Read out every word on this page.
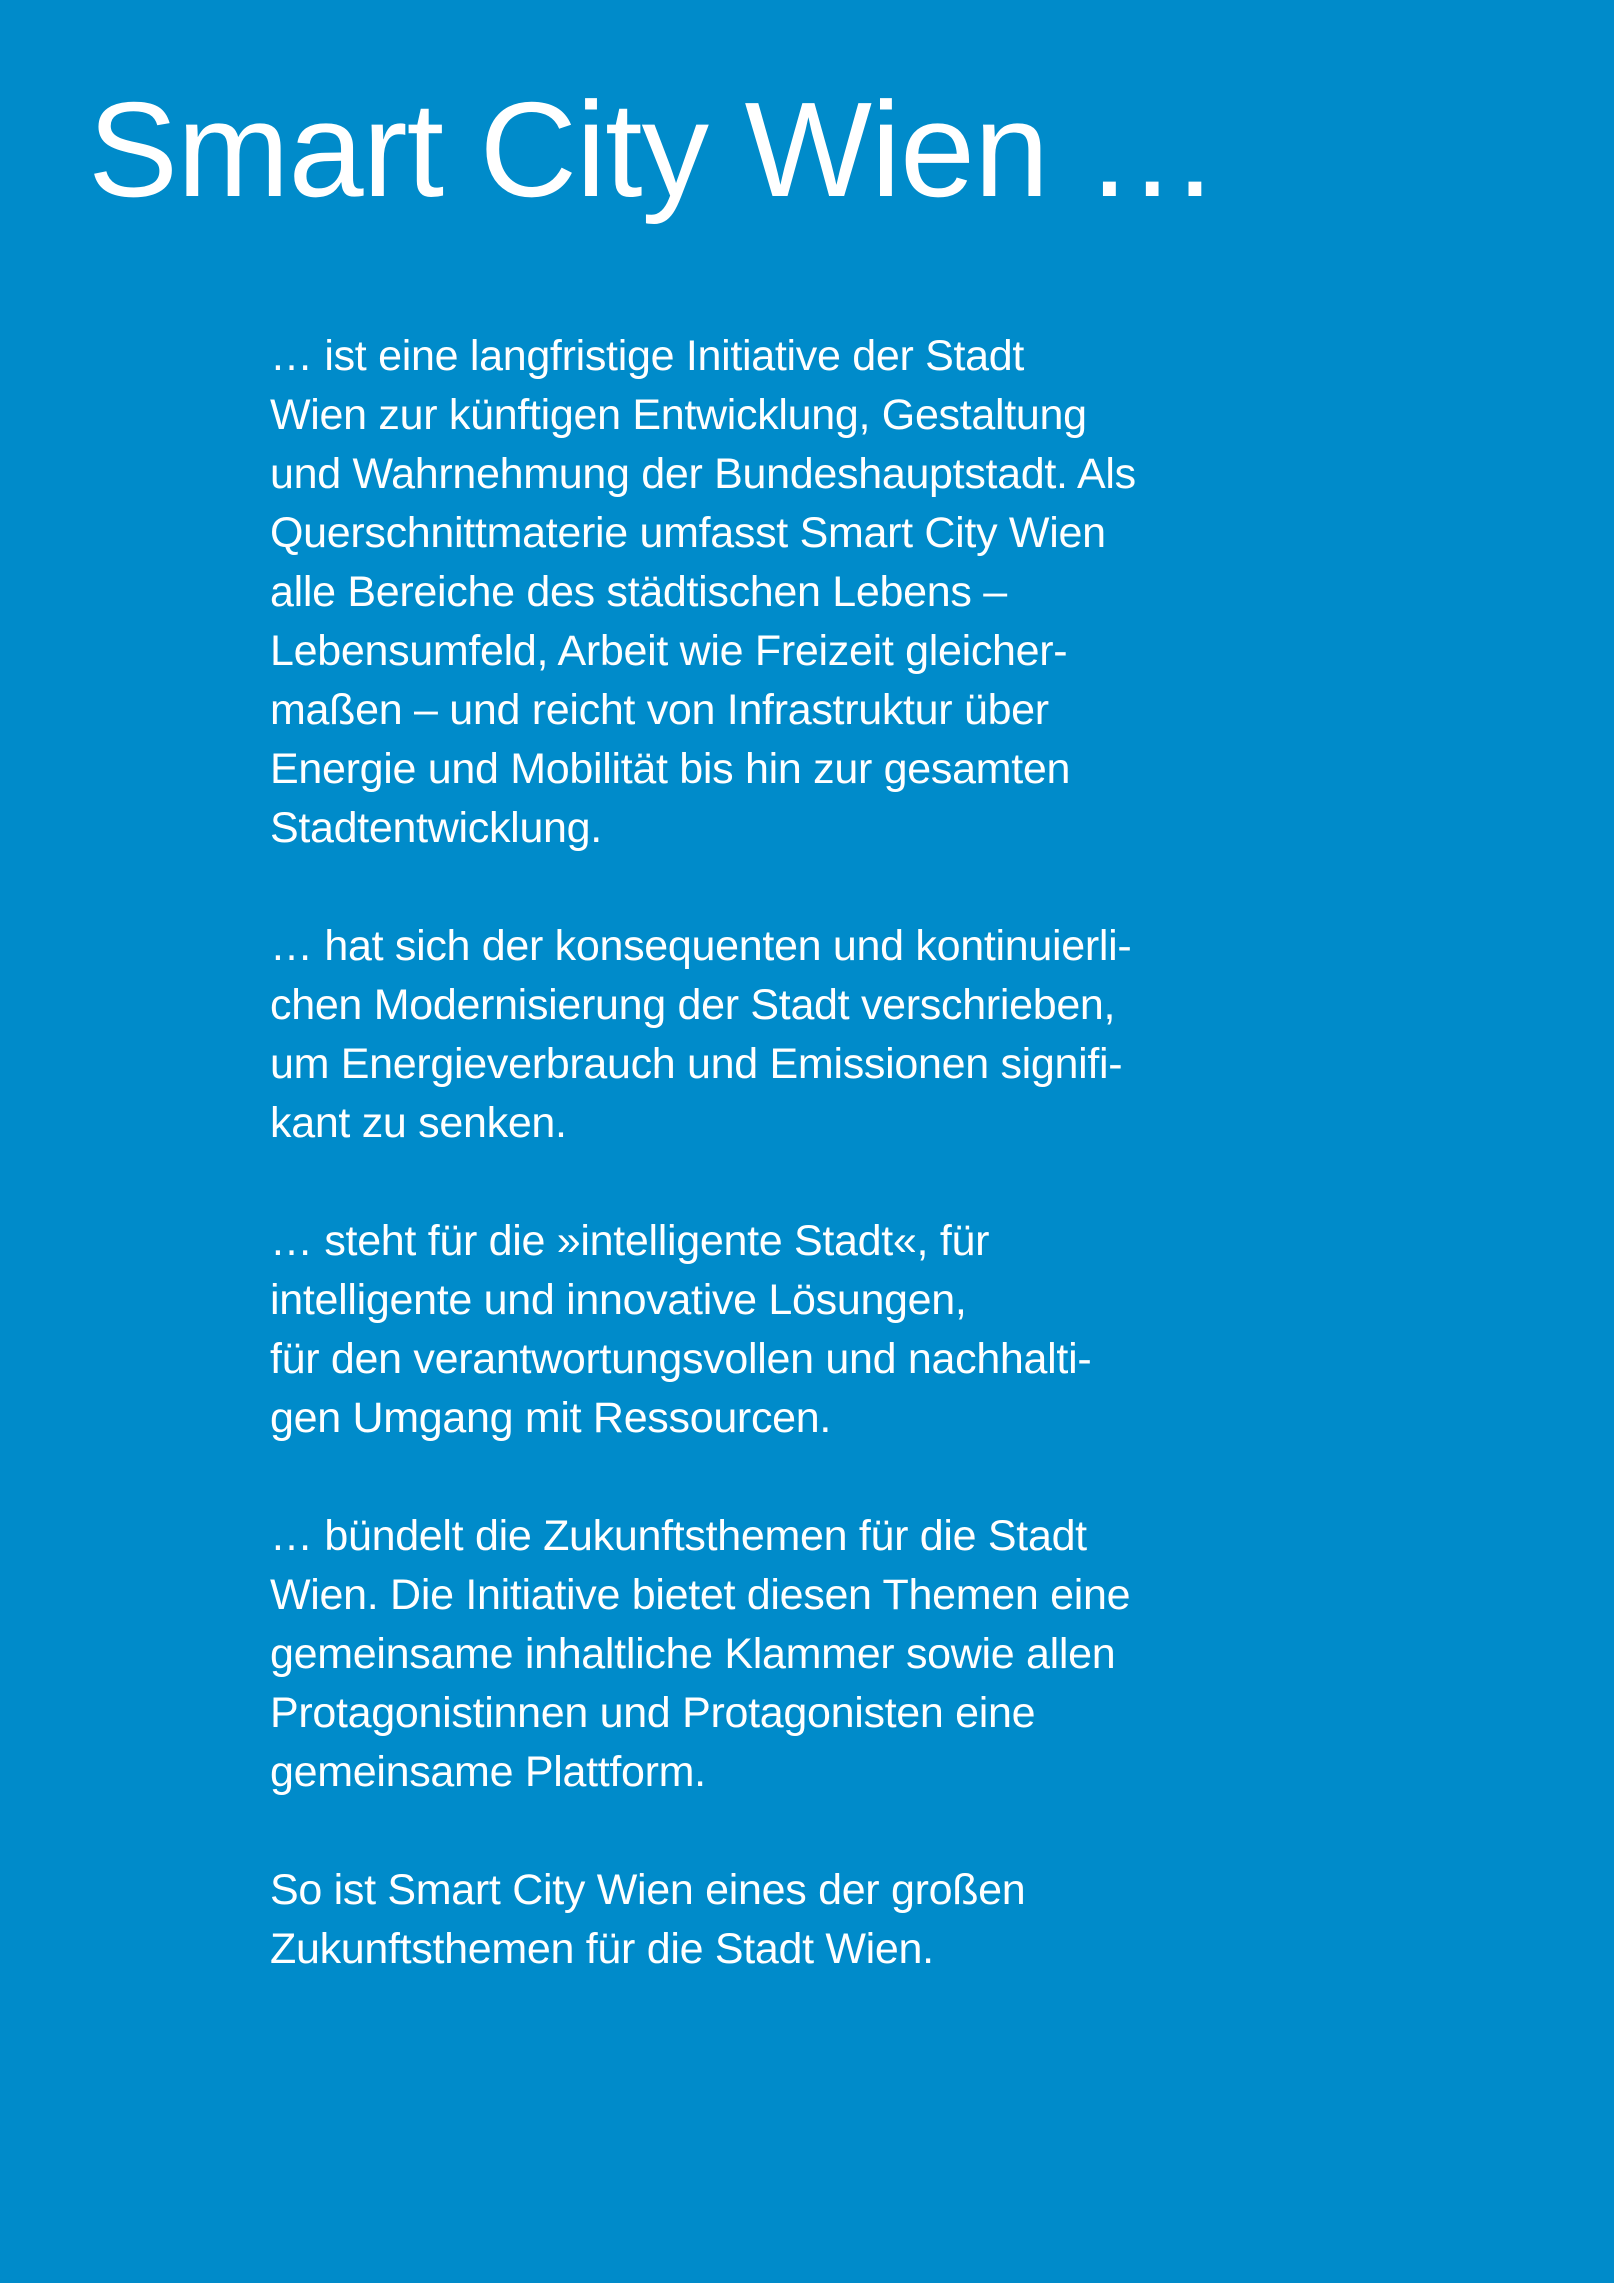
Smart City Wien …

… ist eine langfristige Initiative der Stadt
Wien zur künftigen Entwicklung, Gestaltung
und Wahrnehmung der Bundeshauptstadt. Als
Querschnittmaterie umfasst Smart City Wien
alle Bereiche des städtischen Lebens –
Lebensumfeld, Arbeit wie Freizeit gleicher-
maßen – und reicht von Infrastruktur über
Energie und Mobilität bis hin zur gesamten
Stadtentwicklung.

… hat sich der konsequenten und kontinuierli-
chen Modernisierung der Stadt verschrieben,
um Energieverbrauch und Emissionen signifi-
kant zu senken.

… steht für die »intelligente Stadt«, für
intelligente und innovative Lösungen,
für den verantwortungsvollen und nachhalti-
gen Umgang mit Ressourcen.

… bündelt die Zukunftsthemen für die Stadt
Wien. Die Initiative bietet diesen Themen eine
gemeinsame inhaltliche Klammer sowie allen
Protagonistinnen und Protagonisten eine
gemeinsame Plattform.

So ist Smart City Wien eines der großen
Zukunftsthemen für die Stadt Wien.
